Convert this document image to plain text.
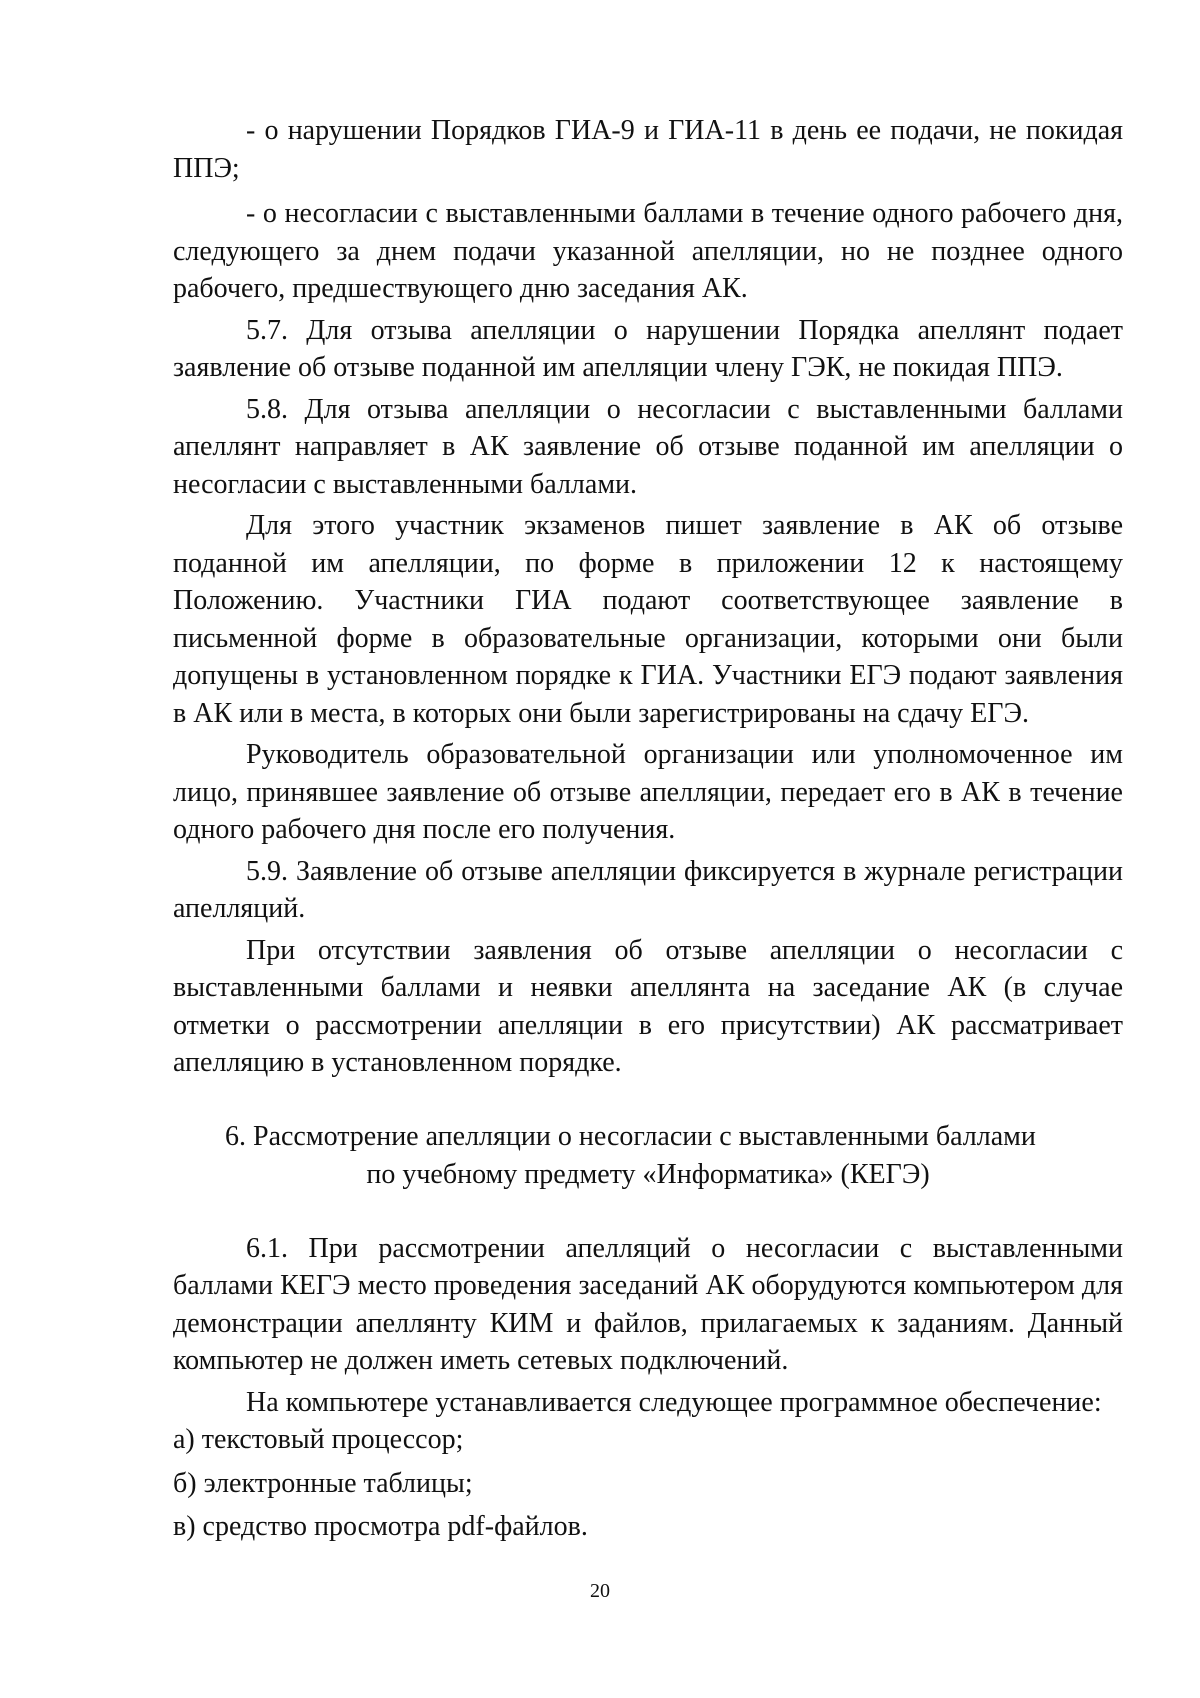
- о нарушении Порядков ГИА-9 и ГИА-11 в день ее подачи, не покидая ППЭ;

- о несогласии с выставленными баллами в течение одного рабочего дня, следующего за днем подачи указанной апелляции, но не позднее одного рабочего, предшествующего дню заседания АК.

5.7. Для отзыва апелляции о нарушении Порядка апеллянт подает заявление об отзыве поданной им апелляции члену ГЭК, не покидая ППЭ.

5.8. Для отзыва апелляции о несогласии с выставленными баллами апеллянт направляет в АК заявление об отзыве поданной им апелляции о несогласии с выставленными баллами.

Для этого участник экзаменов пишет заявление в АК об отзыве поданной им апелляции, по форме в приложении 12 к настоящему Положению. Участники ГИА подают соответствующее заявление в письменной форме в образовательные организации, которыми они были допущены в установленном порядке к ГИА. Участники ЕГЭ подают заявления в АК или в места, в которых они были зарегистрированы на сдачу ЕГЭ.

Руководитель образовательной организации или уполномоченное им лицо, принявшее заявление об отзыве апелляции, передает его в АК в течение одного рабочего дня после его получения.

5.9. Заявление об отзыве апелляции фиксируется в журнале регистрации апелляций.

При отсутствии заявления об отзыве апелляции о несогласии с выставленными баллами и неявки апеллянта на заседание АК (в случае отметки о рассмотрении апелляции в его присутствии) АК рассматривает апелляцию в установленном порядке.

6. Рассмотрение апелляции о несогласии с выставленными баллами
по учебному предмету «Информатика» (КЕГЭ)

6.1. При рассмотрении апелляций о несогласии с выставленными баллами КЕГЭ место проведения заседаний АК оборудуются компьютером для демонстрации апеллянту КИМ и файлов, прилагаемых к заданиям. Данный компьютер не должен иметь сетевых подключений.

На компьютере устанавливается следующее программное обеспечение:

а) текстовый процессор;

б) электронные таблицы;

в) средство просмотра pdf-файлов.

20
